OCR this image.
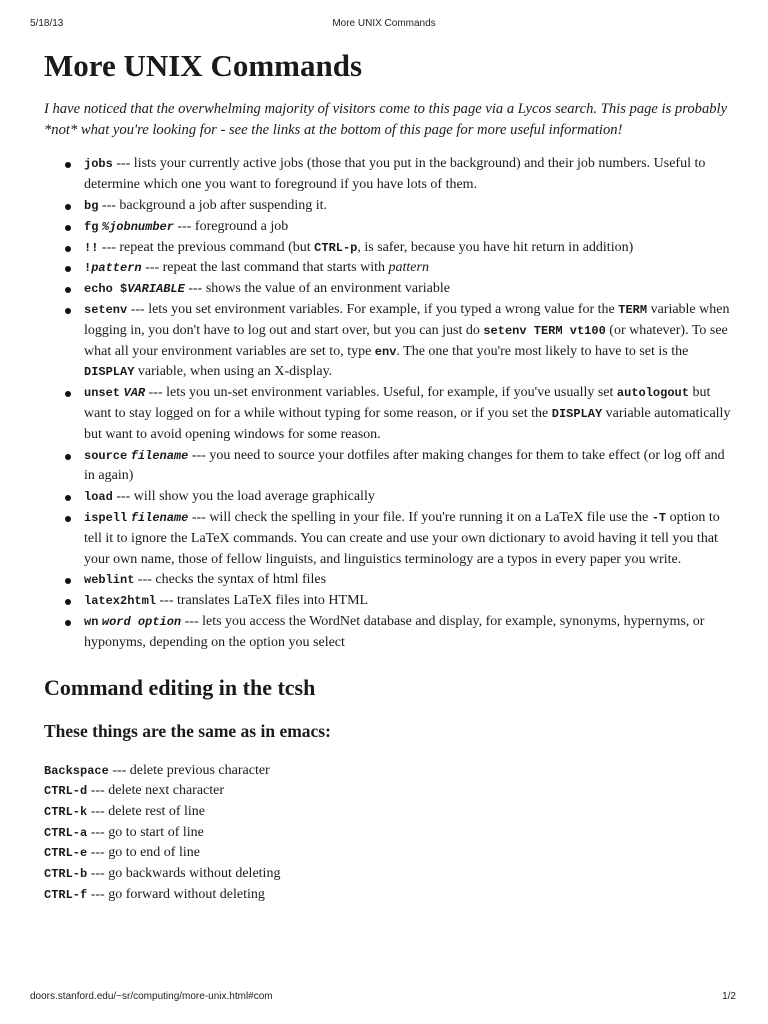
5/18/13	More UNIX Commands
More UNIX Commands

I have noticed that the overwhelming majority of visitors come to this page via a Lycos search. This page is probably *not* what you're looking for - see the links at the bottom of this page for more useful information!

jobs --- lists your currently active jobs (those that you put in the background) and their job numbers. Useful to determine which one you want to foreground if you have lots of them.
bg --- background a job after suspending it.
fg %jobnumber --- foreground a job
!! --- repeat the previous command (but CTRL-p, is safer, because you have hit return in addition)
!pattern --- repeat the last command that starts with pattern
echo $VARIABLE --- shows the value of an environment variable
setenv --- lets you set environment variables. For example, if you typed a wrong value for the TERM variable when logging in, you don't have to log out and start over, but you can just do setenv TERM vt100 (or whatever). To see what all your environment variables are set to, type env. The one that you're most likely to have to set is the DISPLAY variable, when using an X-display.
unset VAR --- lets you un-set environment variables. Useful, for example, if you've usually set autologout but want to stay logged on for a while without typing for some reason, or if you set the DISPLAY variable automatically but want to avoid opening windows for some reason.
source filename --- you need to source your dotfiles after making changes for them to take effect (or log off and in again)
load --- will show you the load average graphically
ispell filename --- will check the spelling in your file. If you're running it on a LaTeX file use the -T option to tell it to ignore the LaTeX commands. You can create and use your own dictionary to avoid having it tell you that your own name, those of fellow linguists, and linguistics terminology are a typos in every paper you write.
weblint --- checks the syntax of html files
latex2html --- translates LaTeX files into HTML
wn word option --- lets you access the WordNet database and display, for example, synonyms, hypernyms, or hyponyms, depending on the option you select
Command editing in the tcsh
These things are the same as in emacs:
Backspace --- delete previous character
CTRL-d --- delete next character
CTRL-k --- delete rest of line
CTRL-a --- go to start of line
CTRL-e --- go to end of line
CTRL-b --- go backwards without deleting
CTRL-f --- go forward without deleting
doors.stanford.edu/~sr/computing/more-unix.html#com	1/2
